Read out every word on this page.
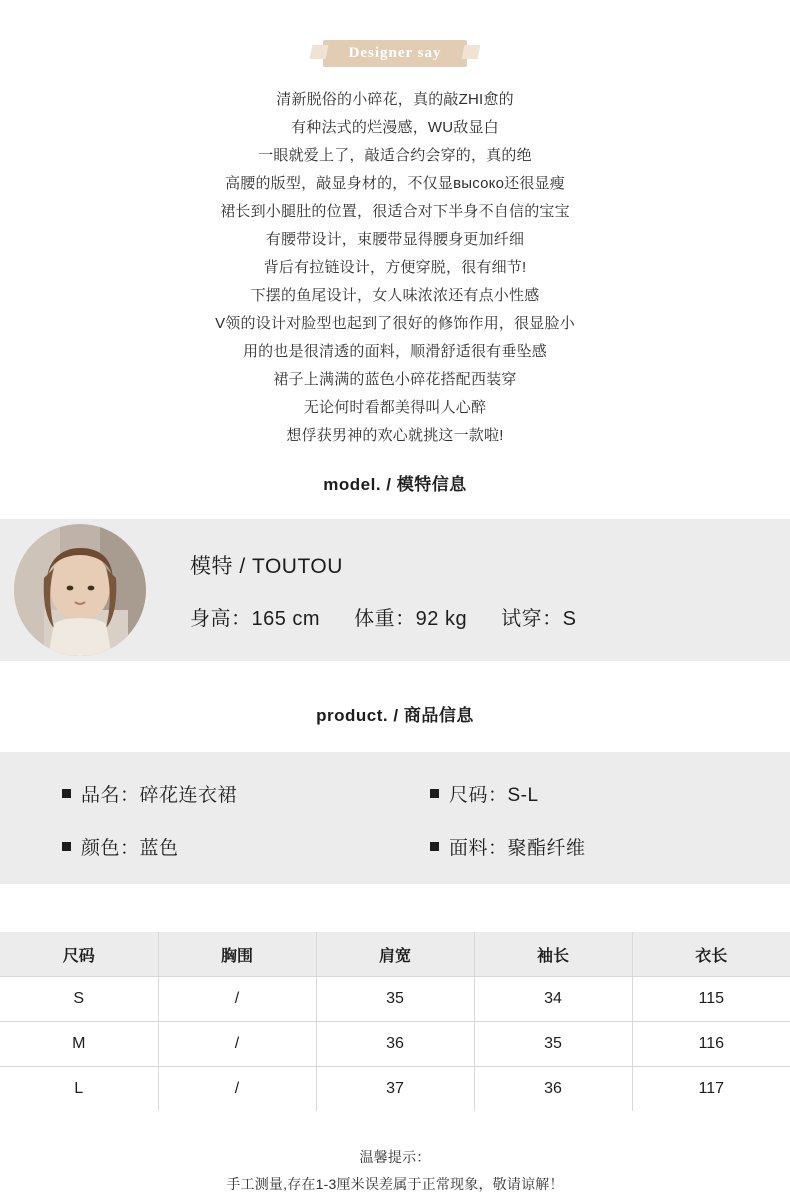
Designer say

清新脱俗的小碎花，真的敲ZHI愈的

有种法式的烂漫感，WU敌显白

一眼就爱上了，敲适合约会穿的，真的绝

高腰的版型，敲显身材的，不仅显высоко还很显瘦

裙长到小腿肚的位置，很适合对下半身不自信的宝宝

有腰带设计，束腰带显得腰身更加纤细

背后有拉链设计，方便穿脱，很有细节!

下摆的鱼尾设计，女人味浓浓还有点小性感

V领的设计对脸型也起到了很好的修饰作用，很显脸小

用的也是很清透的面料，顺滑舒适很有垂坠感

裙子上满满的蓝色小碎花搭配西装穿

无论何时看都美得叫人心醉

想俘获男神的欢心就挑这一款啦!

model. / 模特信息
模特 / TOUTOU
身高：165 cm 体重：92 kg 试穿：S
product. / 商品信息
品名：碎花连衣裙	尺码：S-L
颜色：蓝色	面料：聚酯纤维
尺码	胸围	肩宽	袖长	衣长
S	/	35	34	115
M	/	36	35	116
L	/	37	36	117

温馨提示：

手工测量,存在1-3厘米误差属于正常现象，敬请谅解！
